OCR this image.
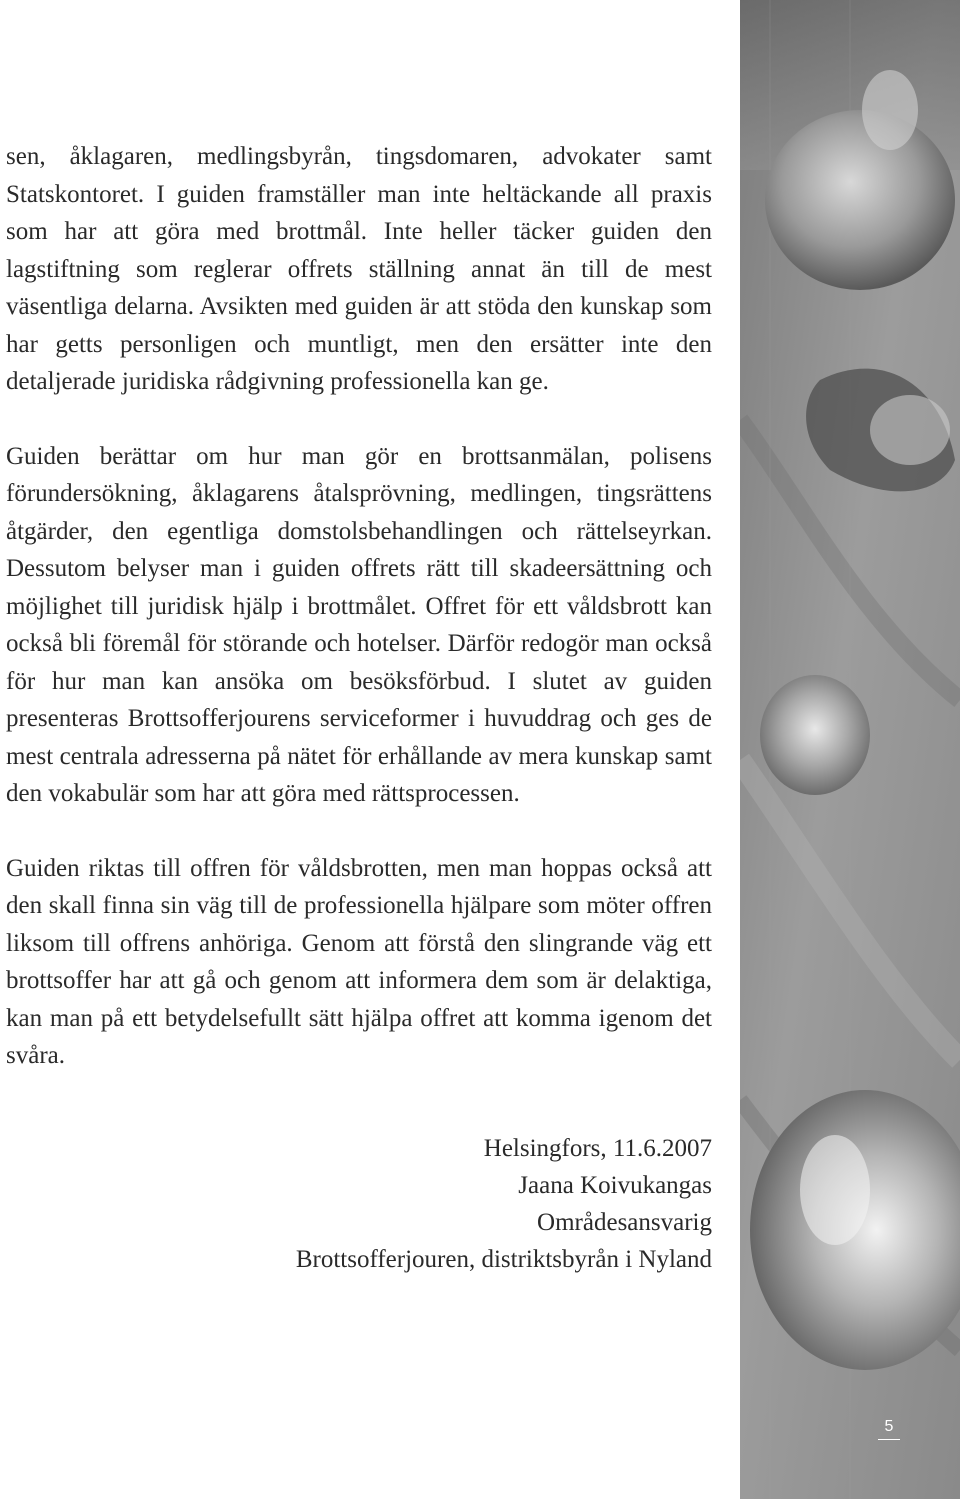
sen, åklagaren, medlingsbyrån, tingsdomaren, advokater samt Statskontoret. I guiden framställer man inte heltäckande all praxis som har att göra med brottmål. Inte heller täcker guiden den lagstiftning som reglerar offrets ställning annat än till de mest väsentliga delarna. Avsikten med guiden är att stöda den kunskap som har getts personligen och muntligt, men den ersätter inte den detaljerade juridiska rådgivning professionella kan ge.

Guiden berättar om hur man gör en brottsanmälan, polisens förundersökning, åklagarens åtalsprövning, medlingen, tingsrättens åtgärder, den egentliga domstolsbehandlingen och rättelseyrkan. Dessutom belyser man i guiden offrets rätt till skadeersättning och möjlighet till juridisk hjälp i brottmålet. Offret för ett våldsbrott kan också bli föremål för störande och hotelser. Därför redogör man också för hur man kan ansöka om besöksförbud. I slutet av guiden presenteras Brottsofferjourens serviceformer i huvuddrag och ges de mest centrala adresserna på nätet för erhållande av mera kunskap samt den vokabulär som har att göra med rättsprocessen.

Guiden riktas till offren för våldsbrotten, men man hoppas också att den skall finna sin väg till de professionella hjälpare som möter offren liksom till offrens anhöriga. Genom att förstå den slingrande väg ett brottsoffer har att gå och genom att informera dem som är delaktiga, kan man på ett betydelsefullt sätt hjälpa offret att komma igenom det svåra.

Helsingfors, 11.6.2007
Jaana Koivukangas
Områdesansvarig
Brottsofferjouren, distriktsbyrån i Nyland
5
